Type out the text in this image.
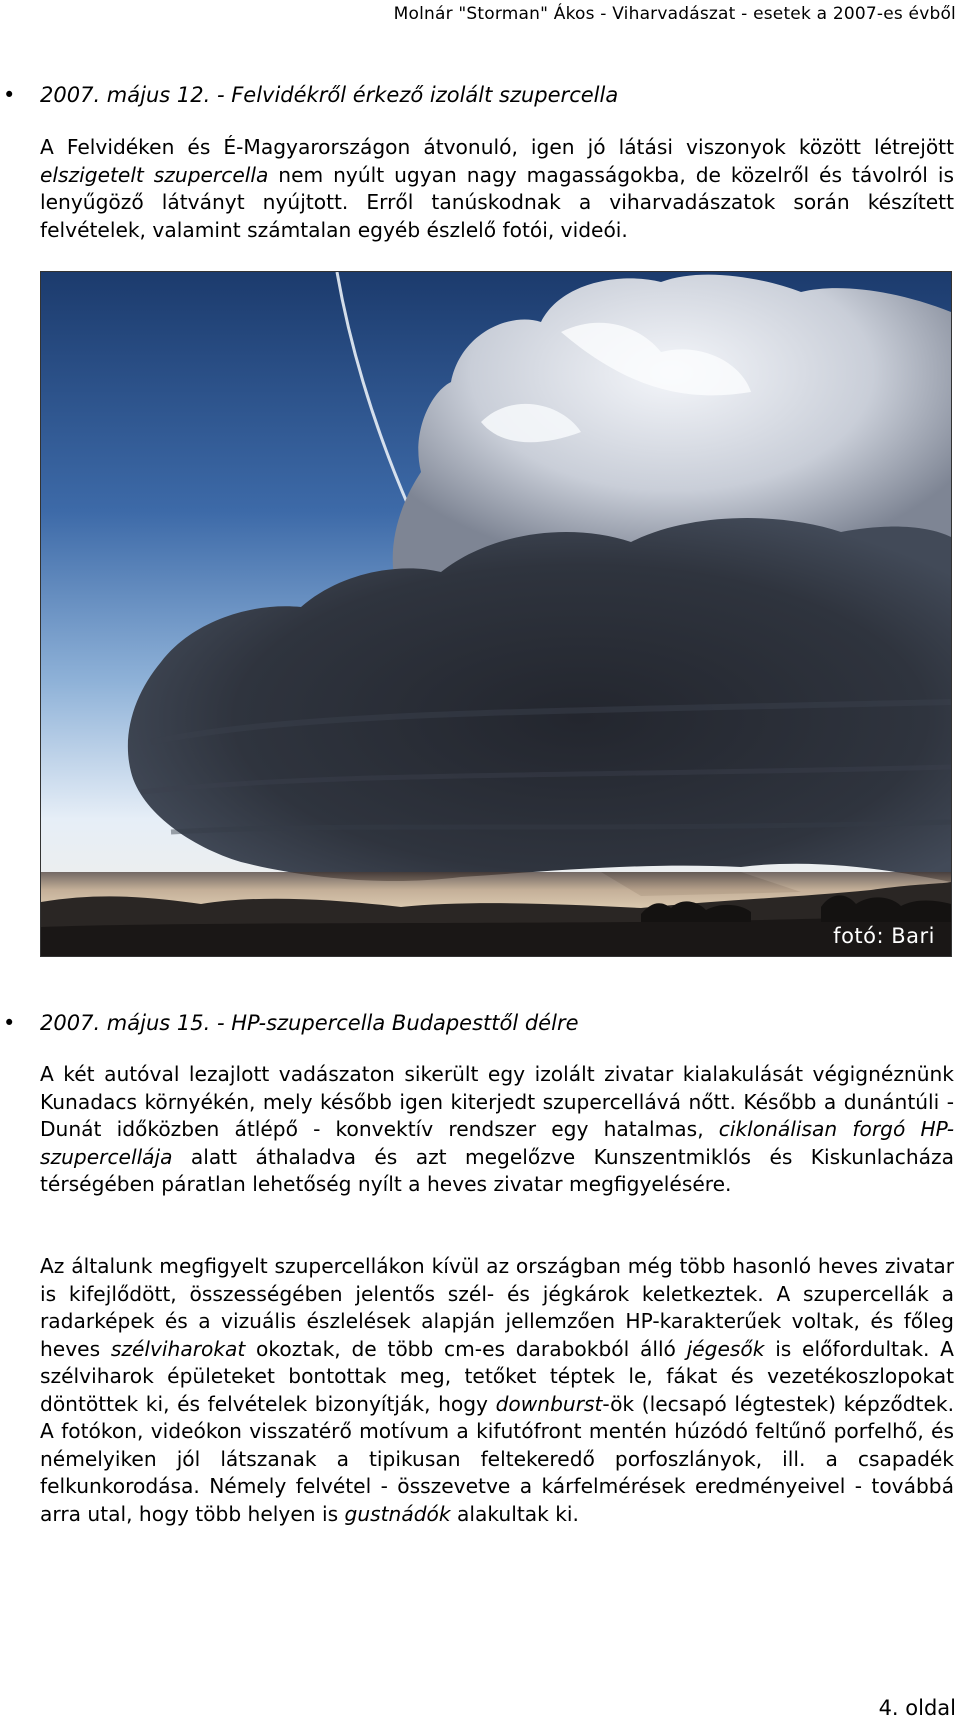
Molnár "Storman" Ákos - Viharvadászat - esetek a 2007-es évből
• 2007. május 12. - Felvidékről érkező izolált szupercella

A Felvidéken és É-Magyarországon átvonuló, igen jó látási viszonyok között létrejött elszigetelt szupercella nem nyúlt ugyan nagy magasságokba, de közelről és távolról is lenyűgöző látványt nyújtott. Erről tanúskodnak a viharvadászatok során készített felvételek, valamint számtalan egyéb észlelő fotói, videói.

fotó: Bari
• 2007. május 15. - HP-szupercella Budapesttől délre

A két autóval lezajlott vadászaton sikerült egy izolált zivatar kialakulását végignéznünk Kunadacs környékén, mely később igen kiterjedt szupercellává nőtt. Később a dunántúli - Dunát időközben átlépő - konvektív rendszer egy hatalmas, ciklonálisan forgó HP-szupercellája alatt áthaladva és azt megelőzve Kunszentmiklós és Kiskunlacháza térségében páratlan lehetőség nyílt a heves zivatar megfigyelésére.

Az általunk megfigyelt szupercellákon kívül az országban még több hasonló heves zivatar is kifejlődött, összességében jelentős szél- és jégkárok keletkeztek. A szupercellák a radarképek és a vizuális észlelések alapján jellemzően HP-karakterűek voltak, és főleg heves szélviharokat okoztak, de több cm-es darabokból álló jégesők is előfordultak. A szélviharok épületeket bontottak meg, tetőket téptek le, fákat és vezetékoszlopokat döntöttek ki, és felvételek bizonyítják, hogy downburst-ök (lecsapó légtestek) képződtek. A fotókon, videókon visszatérő motívum a kifutófront mentén húzódó feltűnő porfelhő, és némelyiken jól látszanak a tipikusan feltekeredő porfoszlányok, ill. a csapadék felkunkorodása. Némely felvétel - összevetve a kárfelmérések eredményeivel - továbbá arra utal, hogy több helyen is gustnádók alakultak ki.

4. oldal
